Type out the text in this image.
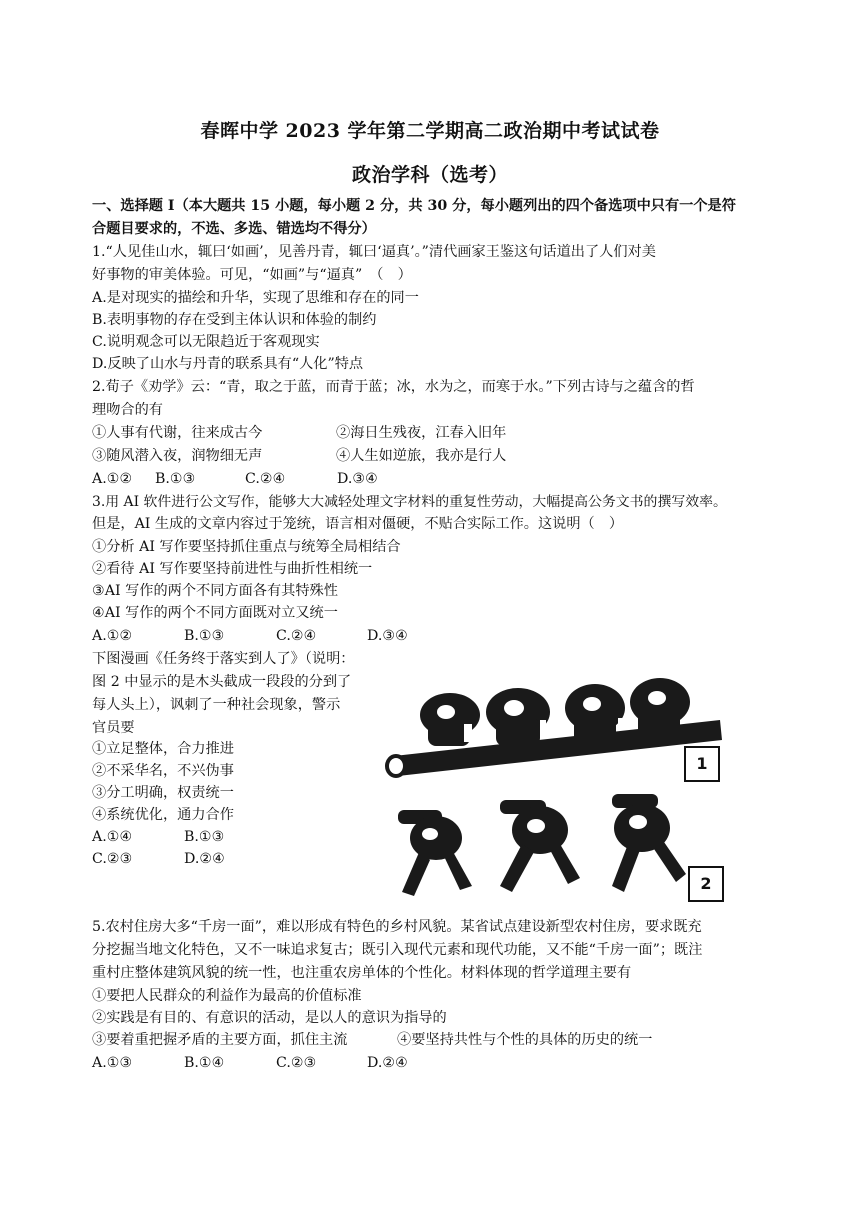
春晖中学 2023 学年第二学期高二政治期中考试试卷
政治学科（选考）
一、选择题 I（本大题共 15 小题，每小题 2 分，共 30 分，每小题列出的四个备选项中只有一个是符
合题目要求的，不选、多选、错选均不得分）
1.“人见佳山水，辄曰‘如画’，见善丹青，辄曰‘逼真’。”清代画家王鉴这句话道出了人们对美
好事物的审美体验。可见，“如画”与“逼真”　（　）
A.是对现实的描绘和升华，实现了思维和存在的同一
B.表明事物的存在受到主体认识和体验的制约
C.说明观念可以无限趋近于客观现实
D.反映了山水与丹青的联系具有“人化”特点
2.荀子《劝学》云：“青，取之于蓝，而青于蓝；冰，水为之，而寒于水。”下列古诗与之蕴含的哲
理吻合的有
①人事有代谢，往来成古今	②海日生残夜，江春入旧年
③随风潜入夜，润物细无声	④人生如逆旅，我亦是行人
A.①② B.①③	C.②④	D.③④
3.用 AI 软件进行公文写作，能够大大减轻处理文字材料的重复性劳动，大幅提高公务文书的撰写效率。
但是，AI 生成的文章内容过于笼统，语言相对僵硬，不贴合实际工作。这说明（　）
①分析 AI 写作要坚持抓住重点与统筹全局相结合
②看待 AI 写作要坚持前进性与曲折性相统一
③AI 写作的两个不同方面各有其特殊性
④AI 写作的两个不同方面既对立又统一
A.①②	B.①③	C.②④	D.③④
下图漫画《任务终于落实到人了》（说明：
图 2 中显示的是木头截成一段段的分到了
每人头上），讽刺了一种社会现象，警示
官员要
①立足整体，合力推进
②不采华名，不兴伪事
③分工明确，权责统一
④系统优化，通力合作
A.①④	B.①③
C.②③	D.②④
1
2
5.农村住房大多“千房一面”，难以形成有特色的乡村风貌。某省试点建设新型农村住房，要求既充
分挖掘当地文化特色，又不一味追求复古；既引入现代元素和现代功能，又不能“千房一面”；既注
重村庄整体建筑风貌的统一性，也注重农房单体的个性化。材料体现的哲学道理主要有
①要把人民群众的利益作为最高的价值标准
②实践是有目的、有意识的活动，是以人的意识为指导的
③要着重把握矛盾的主要方面，抓住主流	④要坚持共性与个性的具体的历史的统一
A.①③	B.①④	C.②③	D.②④
